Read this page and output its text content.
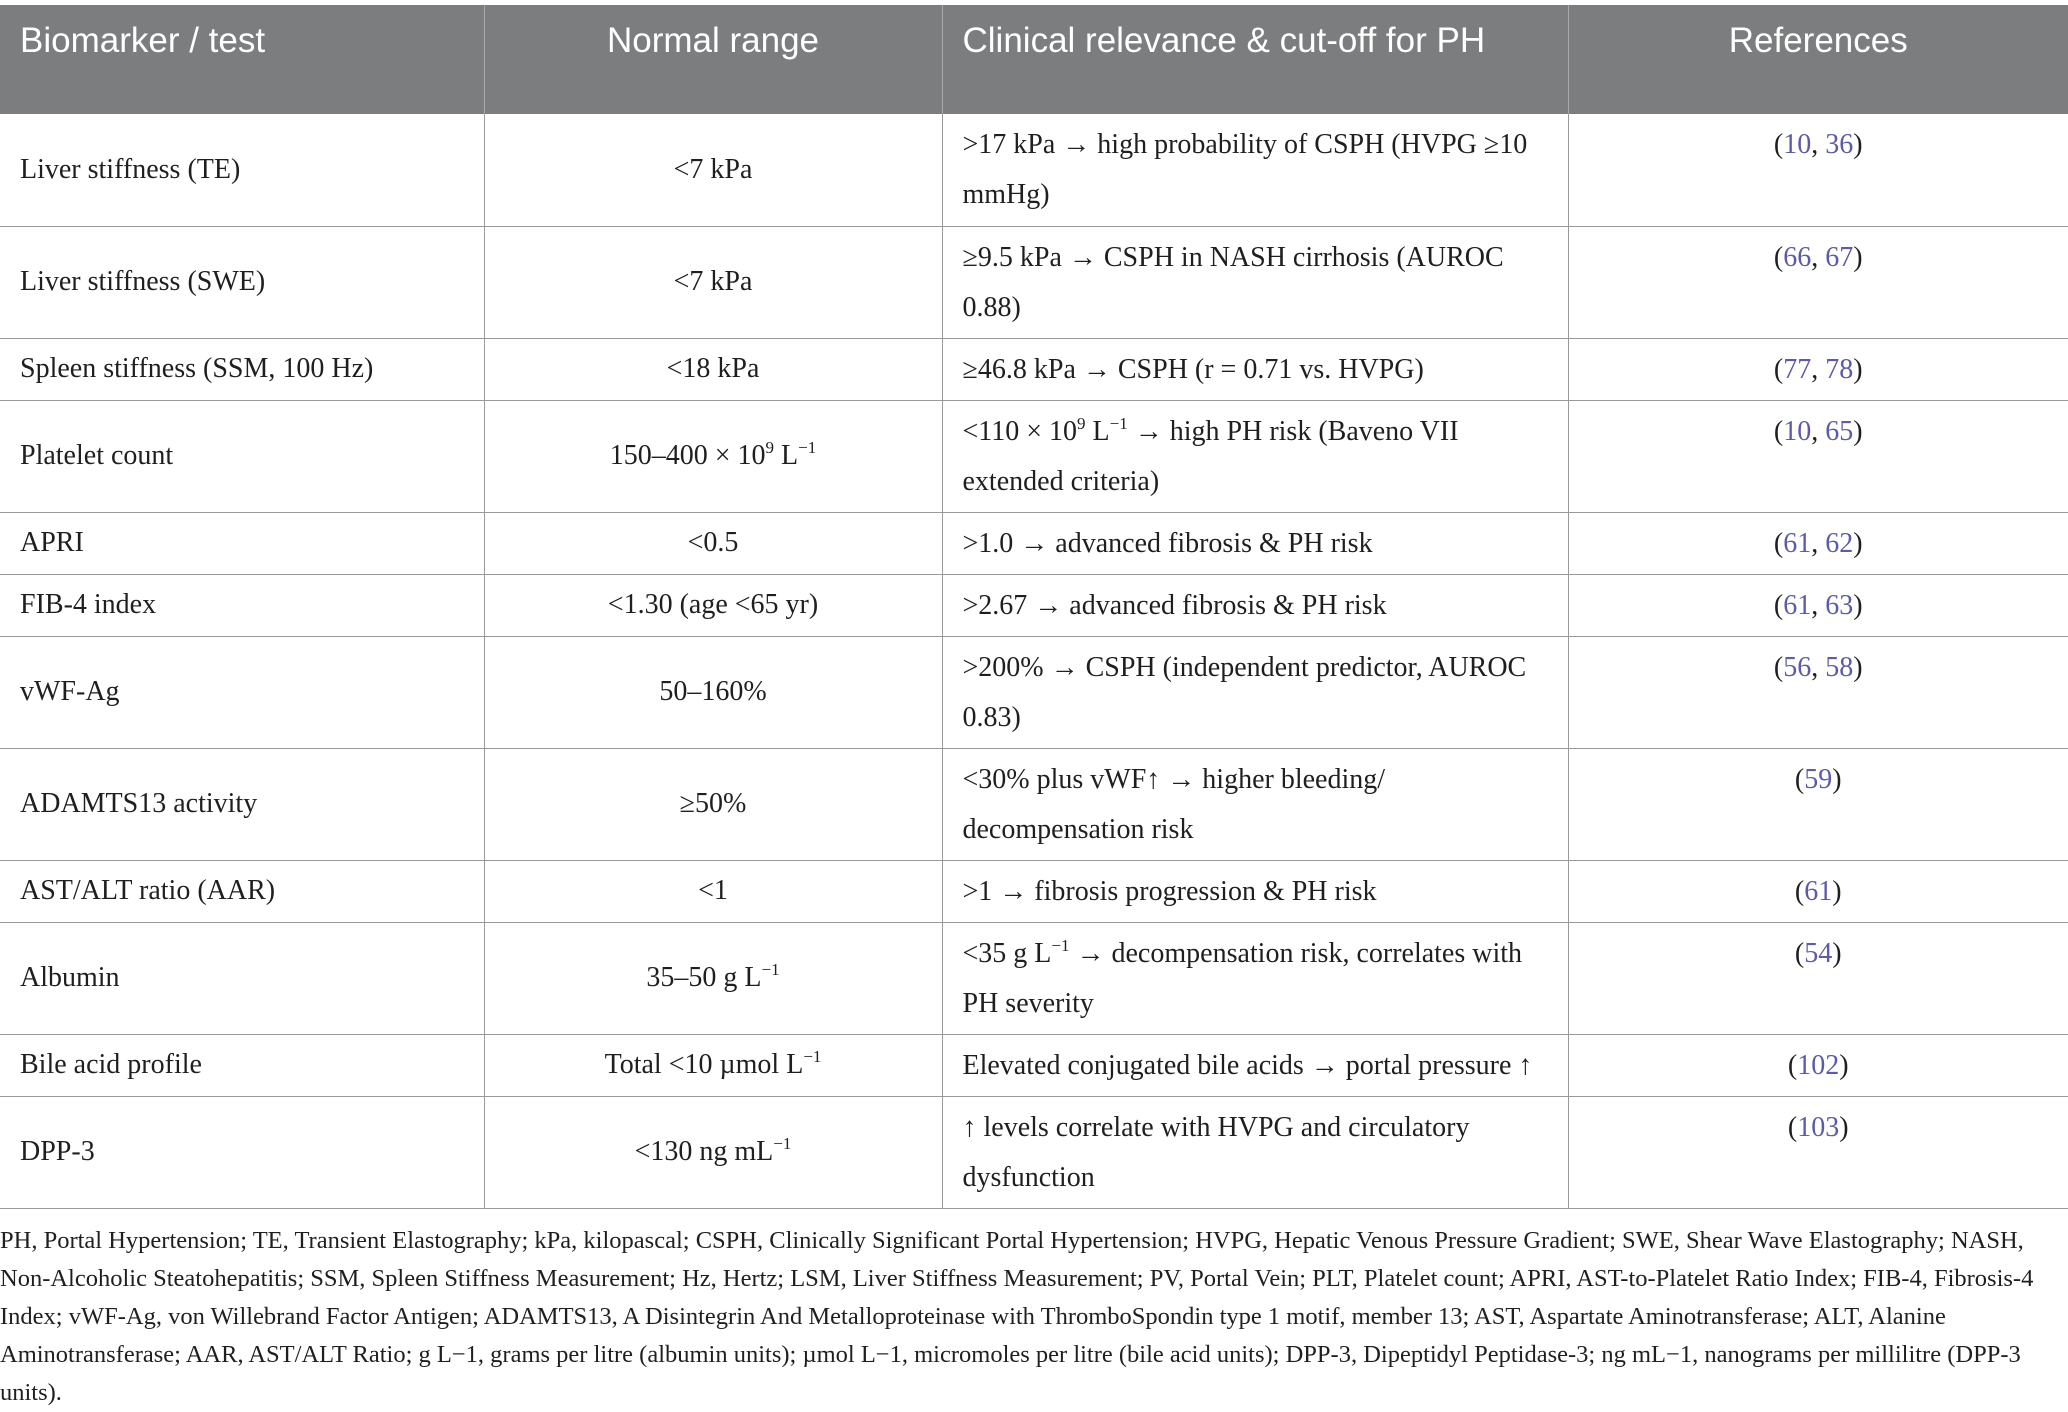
Biomarker / test	Normal range	Clinical relevance & cut-off for PH	References
Liver stiffness (TE)	<7 kPa	>17 kPa → high probability of CSPH (HVPG ≥10 mmHg)	(10, 36)
Liver stiffness (SWE)	<7 kPa	≥9.5 kPa → CSPH in NASH cirrhosis (AUROC 0.88)	(66, 67)
Spleen stiffness (SSM, 100 Hz)	<18 kPa	≥46.8 kPa → CSPH (r = 0.71 vs. HVPG)	(77, 78)
Platelet count	$150-400 \times 10^9$ $L^{-1}$	$<110 \times 10^9$ $L^{-1}$ → high PH risk (Baveno VII extended criteria)	(10, 65)
APRI	<0.5	>1.0 → advanced fibrosis & PH risk	(61, 62)
FIB-4 index	<1.30 (age <65 yr)	>2.67 → advanced fibrosis & PH risk	(61, 63)
vWF-Ag	50–160%	>200% → CSPH (independent predictor, AUROC 0.83)	(56, 58)
ADAMTS13 activity	≥50%	<30% plus vWF↑ → higher bleeding/ decompensation risk	(59)
AST/ALT ratio (AAR)	<1	>1 → fibrosis progression & PH risk	(61)
Albumin	35–50 g $L^{-1}$	<35 g $L^{-1}$ → decompensation risk, correlates with PH severity	(54)
Bile acid profile	Total <10 µmol $L^{-1}$	Elevated conjugated bile acids → portal pressure ↑	(102)
DPP-3	<130 ng $mL^{-1}$	↑ levels correlate with HVPG and circulatory dysfunction	(103)
PH, Portal Hypertension; TE, Transient Elastography; kPa, kilopascal; CSPH, Clinically Significant Portal Hypertension; HVPG, Hepatic Venous Pressure Gradient; SWE, Shear Wave Elastography; NASH, Non-Alcoholic Steatohepatitis; SSM, Spleen Stiffness Measurement; Hz, Hertz; LSM, Liver Stiffness Measurement; PV, Portal Vein; PLT, Platelet count; APRI, AST-to-Platelet Ratio Index; FIB-4, Fibrosis-4 Index; vWF-Ag, von Willebrand Factor Antigen; ADAMTS13, A Disintegrin And Metalloproteinase with ThromboSpondin type 1 motif, member 13; AST, Aspartate Aminotransferase; ALT, Alanine Aminotransferase; AAR, AST/ALT Ratio; g L−1, grams per litre (albumin units); µmol L−1, micromoles per litre (bile acid units); DPP-3, Dipeptidyl Peptidase-3; ng mL−1, nanograms per millilitre (DPP-3 units).
